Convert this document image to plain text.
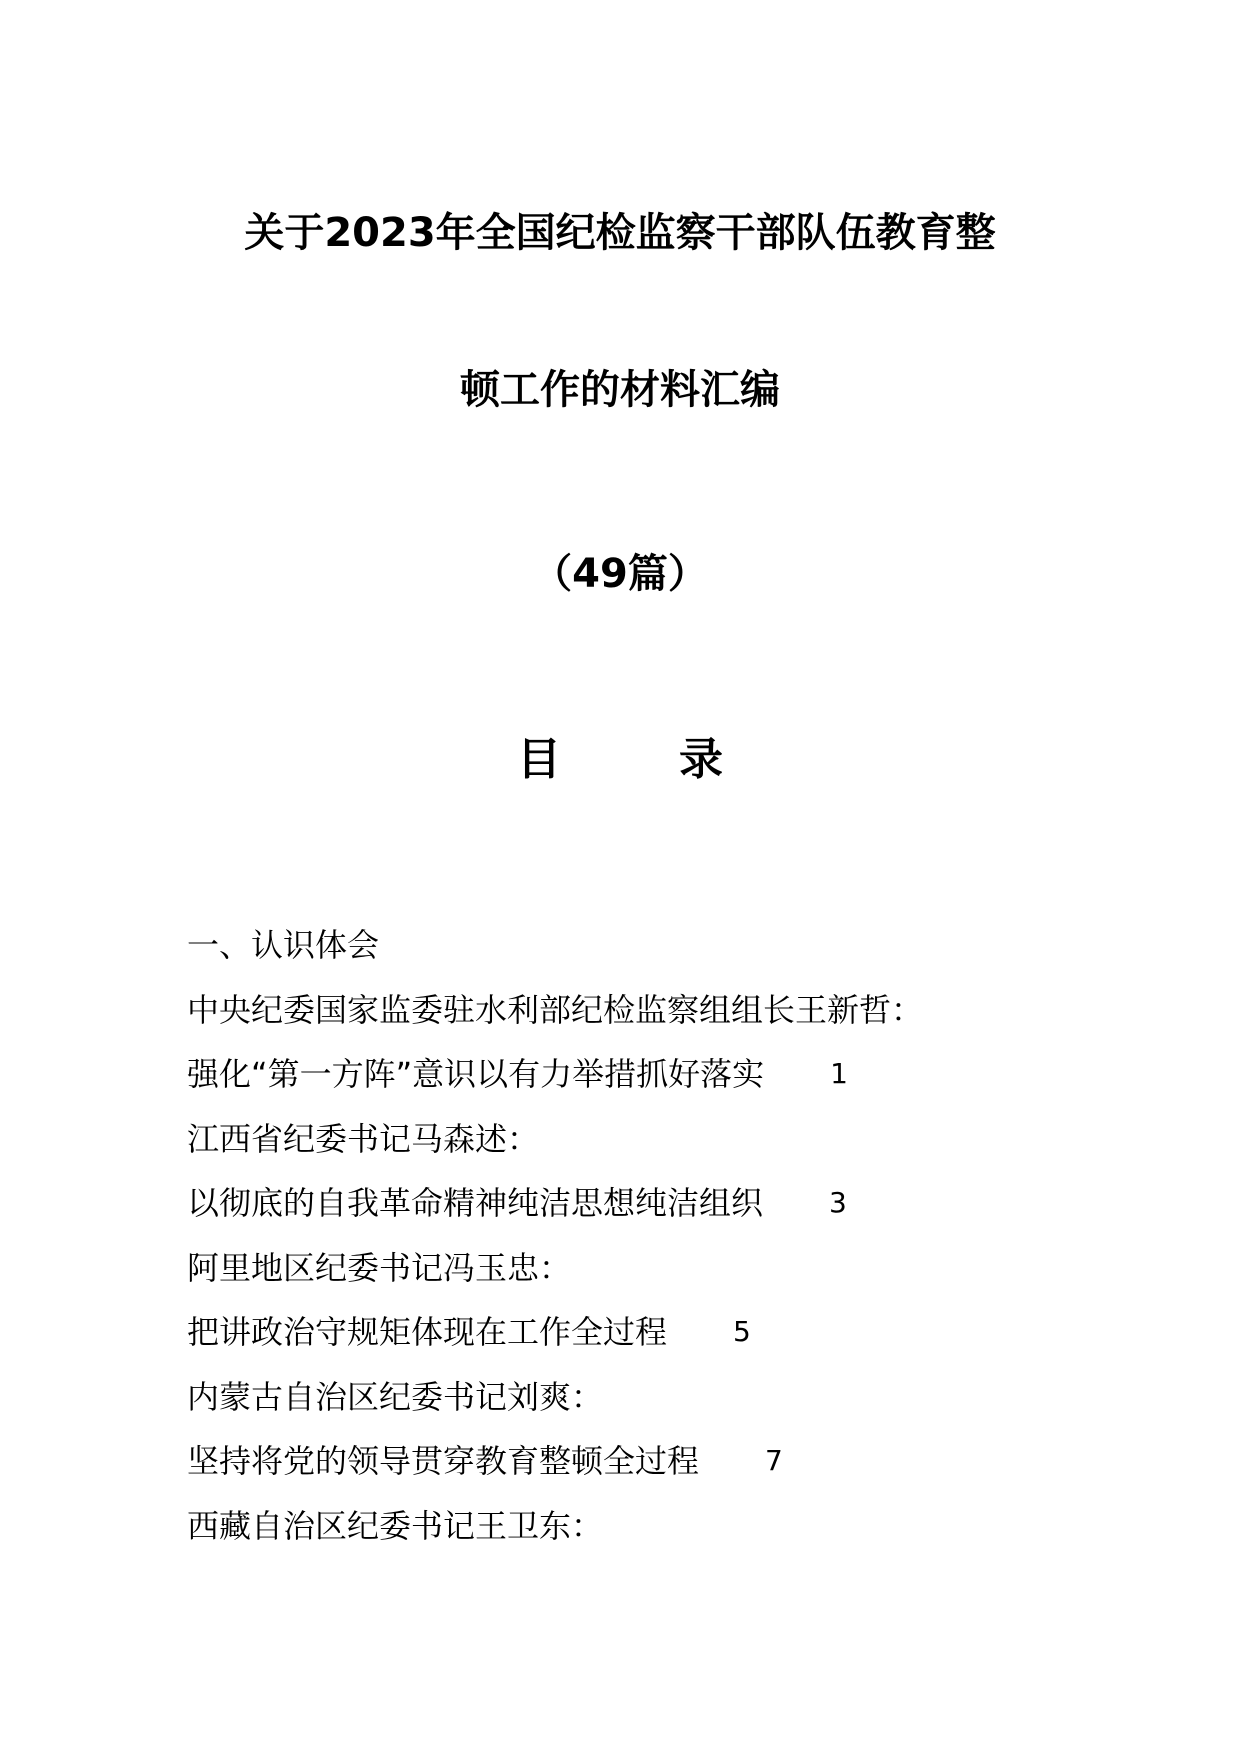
关于2023年全国纪检监察干部队伍教育整
顿工作的材料汇编
（49篇）
目	录
一、认识体会
中央纪委国家监委驻水利部纪检监察组组长王新哲：
强化“第一方阵”意识以有力举措抓好落实 1
江西省纪委书记马森述：
以彻底的自我革命精神纯洁思想纯洁组织 3
阿里地区纪委书记冯玉忠：
把讲政治守规矩体现在工作全过程 5
内蒙古自治区纪委书记刘爽：
坚持将党的领导贯穿教育整顿全过程 7
西藏自治区纪委书记王卫东：
